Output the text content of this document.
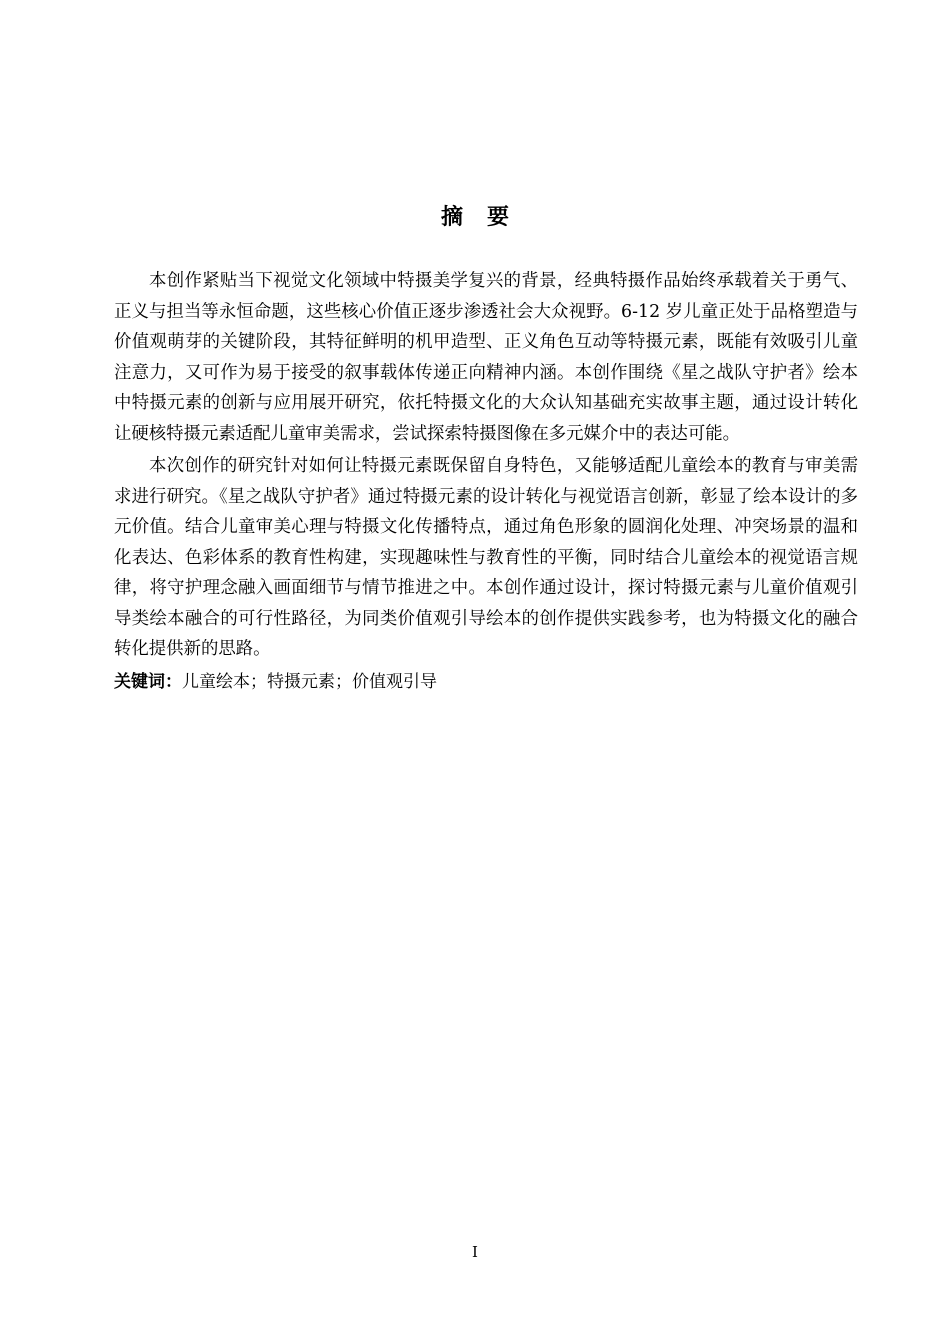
摘要

本创作紧贴当下视觉文化领域中特摄美学复兴的背景，经典特摄作品始终承载着关于勇气、正义与担当等永恒命题，这些核心价值正逐步渗透社会大众视野。6-12 岁儿童正处于品格塑造与价值观萌芽的关键阶段，其特征鲜明的机甲造型、正义角色互动等特摄元素，既能有效吸引儿童注意力，又可作为易于接受的叙事载体传递正向精神内涵。本创作围绕《星之战队守护者》绘本中特摄元素的创新与应用展开研究，依托特摄文化的大众认知基础充实故事主题，通过设计转化让硬核特摄元素适配儿童审美需求，尝试探索特摄图像在多元媒介中的表达可能。

本次创作的研究针对如何让特摄元素既保留自身特色，又能够适配儿童绘本的教育与审美需求进行研究。《星之战队守护者》通过特摄元素的设计转化与视觉语言创新，彰显了绘本设计的多元价值。结合儿童审美心理与特摄文化传播特点，通过角色形象的圆润化处理、冲突场景的温和化表达、色彩体系的教育性构建，实现趣味性与教育性的平衡，同时结合儿童绘本的视觉语言规律，将守护理念融入画面细节与情节推进之中。本创作通过设计，探讨特摄元素与儿童价值观引导类绘本融合的可行性路径，为同类价值观引导绘本的创作提供实践参考，也为特摄文化的融合转化提供新的思路。

关键词：儿童绘本；特摄元素；价值观引导

I
